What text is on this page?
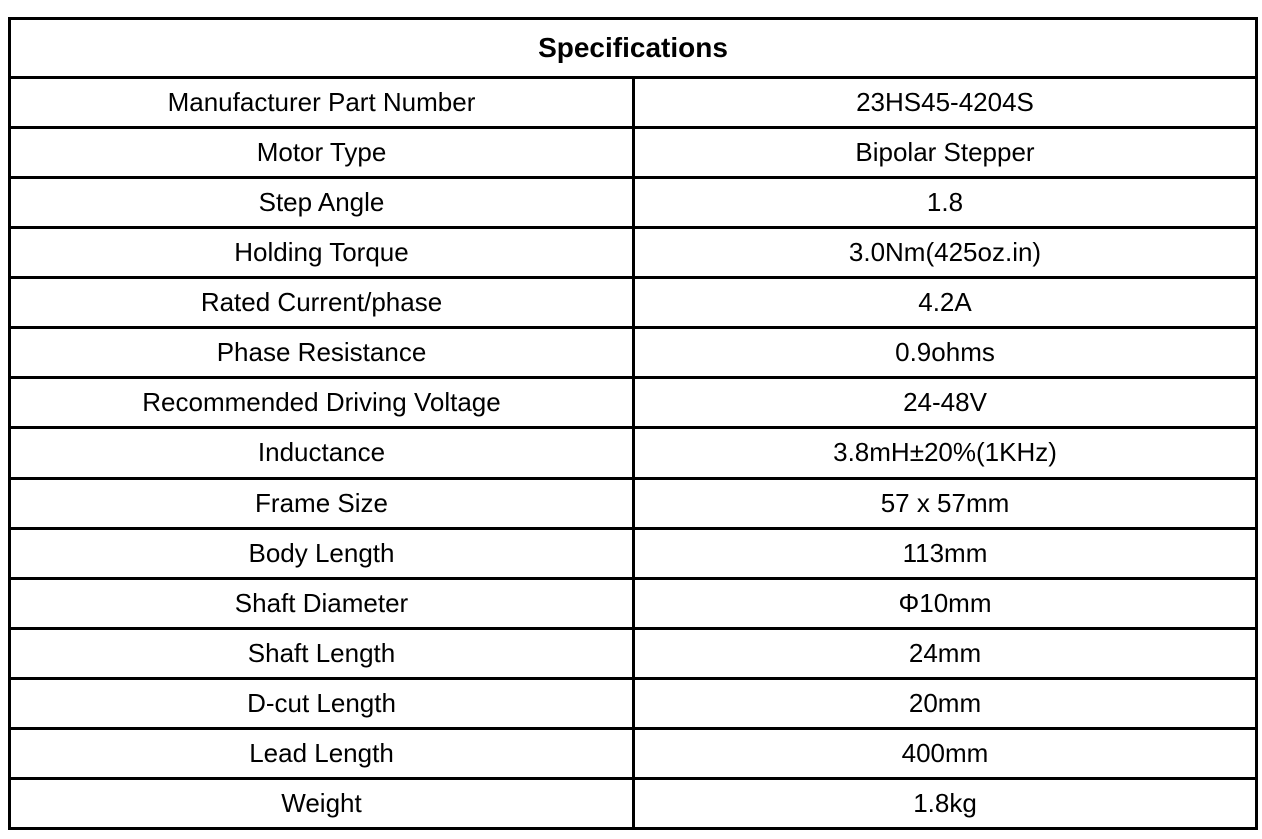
Specifications	
Manufacturer Part Number	23HS45-4204S
Motor Type	Bipolar Stepper
Step Angle	1.8
Holding Torque	3.0Nm(425oz.in)
Rated Current/phase	4.2A
Phase Resistance	0.9ohms
Recommended Driving Voltage	24-48V
Inductance	3.8mH±20%(1KHz)
Frame Size	57 x 57mm
Body Length	113mm
Shaft Diameter	Φ10mm
Shaft Length	24mm
D-cut Length	20mm
Lead Length	400mm
Weight	1.8kg
